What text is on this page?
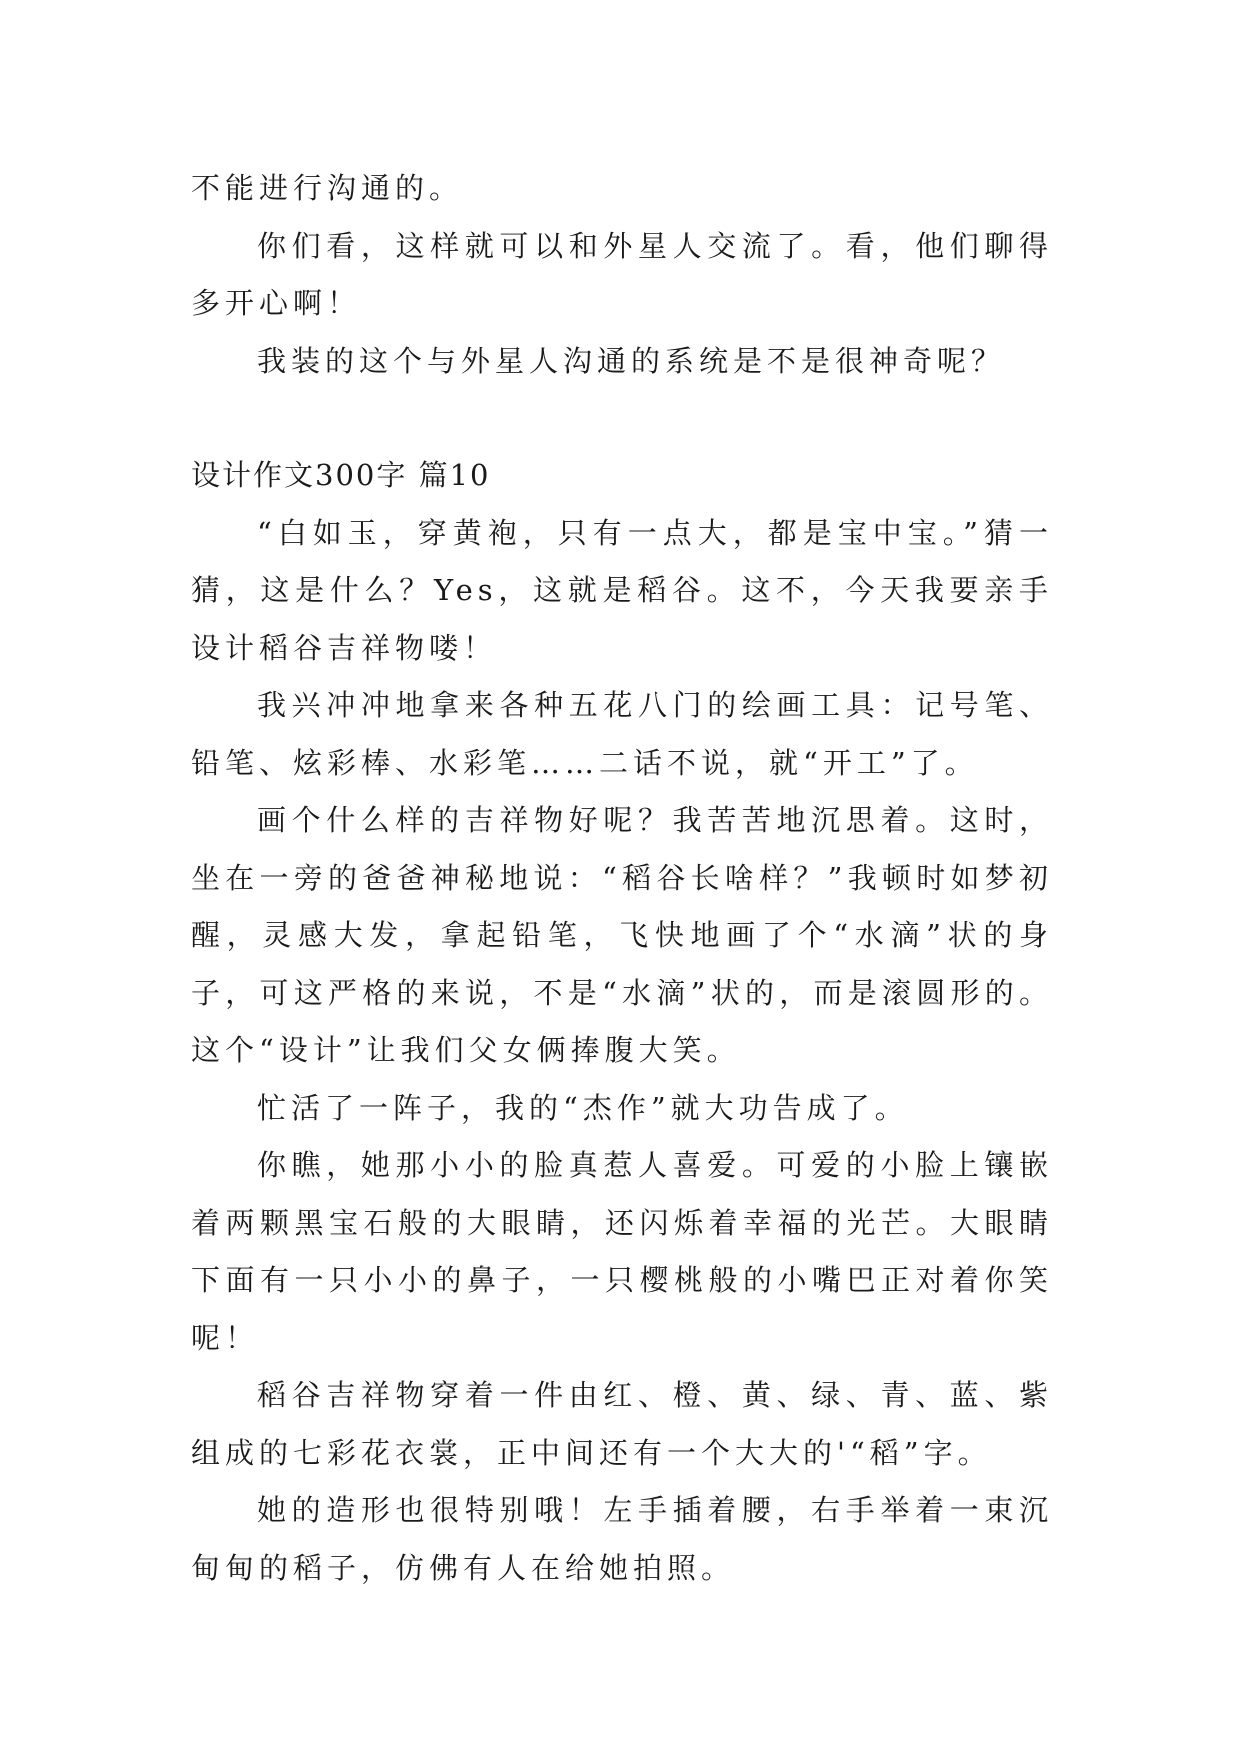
不能进行沟通的。

你们看，这样就可以和外星人交流了。看，他们聊得多开心啊！

我装的这个与外星人沟通的系统是不是很神奇呢？

设计作文300字 篇10

“白如玉，穿黄袍，只有一点大，都是宝中宝。”猜一猜，这是什么？Yes，这就是稻谷。这不，今天我要亲手设计稻谷吉祥物喽！

我兴冲冲地拿来各种五花八门的绘画工具：记号笔、铅笔、炫彩棒、水彩笔……二话不说，就“开工”了。

画个什么样的吉祥物好呢？我苦苦地沉思着。这时，坐在一旁的爸爸神秘地说：“稻谷长啥样？”我顿时如梦初醒，灵感大发，拿起铅笔，飞快地画了个“水滴”状的身子，可这严格的来说，不是“水滴”状的，而是滚圆形的。这个“设计”让我们父女俩捧腹大笑。

忙活了一阵子，我的“杰作”就大功告成了。

你瞧，她那小小的脸真惹人喜爱。可爱的小脸上镶嵌着两颗黑宝石般的大眼睛，还闪烁着幸福的光芒。大眼睛下面有一只小小的鼻子，一只樱桃般的小嘴巴正对着你笑呢！

稻谷吉祥物穿着一件由红、橙、黄、绿、青、蓝、紫组成的七彩花衣裳，正中间还有一个大大的'“稻”字。

她的造形也很特别哦！左手插着腰，右手举着一束沉甸甸的稻子，仿佛有人在给她拍照。
